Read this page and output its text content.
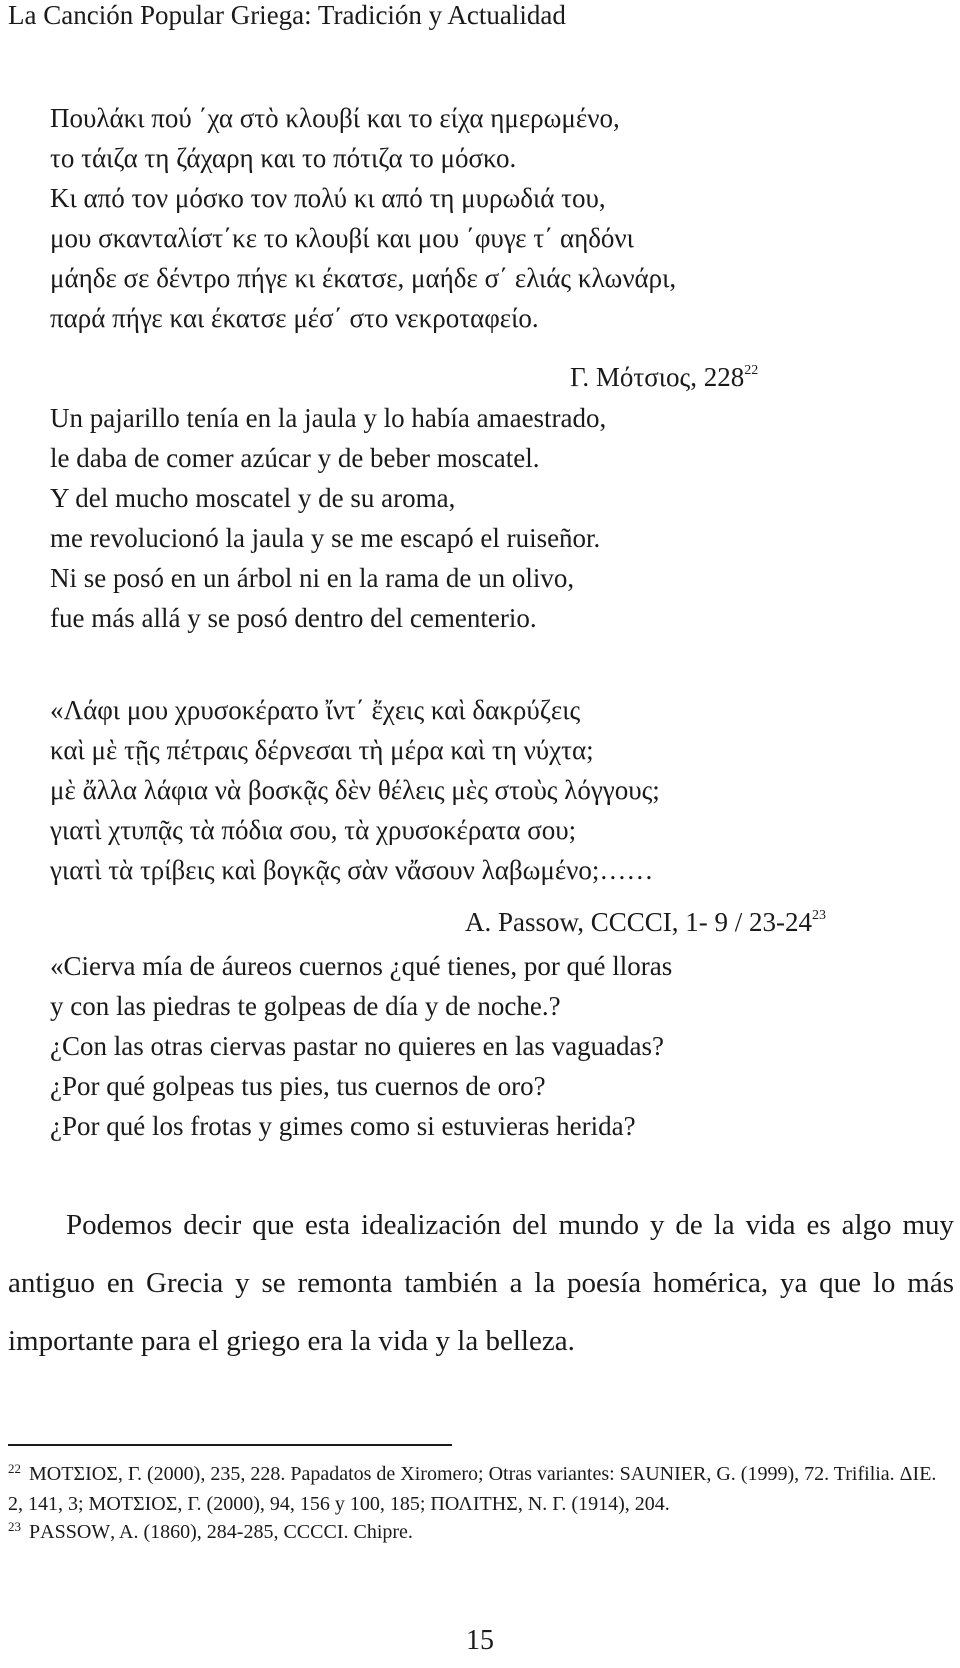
La Canción Popular Griega: Tradición y Actualidad
Πουλάκι πού ΄χα στὸ κλουβί και το είχα ημερωμένο,
το τάιζα τη ζάχαρη και το πότιζα το μόσκο.
Κι από τον μόσκο τον πολύ κι από τη μυρωδιά του,
μου σκανταλίστ΄κε το κλουβί και μου ΄φυγε τ΄ αηδόνι
μάηδε σε δέντρο πήγε κι έκατσε, μαήδε σ΄ ελιάς κλωνάρι,
παρά πήγε και έκατσε μέσ΄ στο νεκροταφείο.
Γ. Μότσιος, $228^{22}$
Un pajarillo tenía en la jaula y lo había amaestrado,
le daba de comer azúcar y de beber moscatel.
Y del mucho moscatel y de su aroma,
me revolucionó la jaula y se me escapó el ruiseñor.
Ni se posó en un árbol ni en la rama de un olivo,
fue más allá y se posó dentro del cementerio.
«Λάφι μου χρυσοκέρατο ἴντ΄ ἔχεις καὶ δακρύζεις
καὶ μὲ τῇς πέτραις δέρνεσαι τὴ μέρα καὶ τη νύχτα;
μὲ ἄλλα λάφια νὰ βοσκᾷς δὲν θέλεις μὲς στοὺς λόγγους;
γιατὶ χτυπᾷς τὰ πόδια σου, τὰ χρυσοκέρατα σου;
γιατὶ τὰ τρίβεις καὶ βογκᾷς σὰν νἄσουν λαβωμένο;……
A. Passow, CCCCI, 1- $9 / 23-24^{23}$
«Cierva mía de áureos cuernos ¿qué tienes, por qué lloras
y con las piedras te golpeas de día y de noche.?
¿Con las otras ciervas pastar no quieres en las vaguadas?
¿Por qué golpeas tus pies, tus cuernos de oro?
¿Por qué los frotas y gimes como si estuvieras herida?
Podemos decir que esta idealización del mundo y de la vida es algo muy antiguo en Grecia y se remonta también a la poesía homérica, ya que lo más importante para el griego era la vida y la belleza.

$^{22}$ ΜΟΤΣΙΟΣ, Γ. (2000), 235, 228. Papadatos de Xiromero; Otras variantes: SAUNIER, G. (1999), 72. Trifilia. ΔΙΕ. 2, 141, 3; ΜΟΤΣΙΟΣ, Γ. (2000), 94, 156 y 100, 185; ΠΟΛΙΤΗΣ, Ν. Γ. (1914), 204.

$^{23}$ PASSOW, A. (1860), 284-285, CCCCI. Chipre.

15
